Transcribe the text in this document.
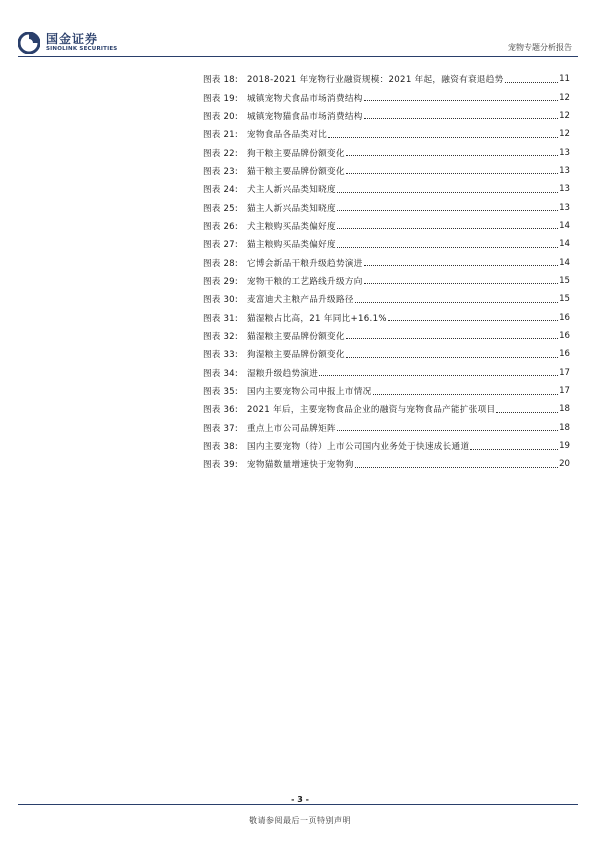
国金证券
SINOLINK SECURITIES	宠物专题分析报告
图表 18:	2018-2021 年宠物行业融资规模：2021 年起，融资有衰退趋势	11
图表 19:	城镇宠物犬食品市场消费结构	12
图表 20:	城镇宠物猫食品市场消费结构	12
图表 21:	宠物食品各品类对比	12
图表 22:	狗干粮主要品牌份额变化	13
图表 23:	猫干粮主要品牌份额变化	13
图表 24:	犬主人新兴品类知晓度	13
图表 25:	猫主人新兴品类知晓度	13
图表 26:	犬主粮购买品类偏好度	14
图表 27:	猫主粮购买品类偏好度	14
图表 28:	它博会新品干粮升级趋势演进	14
图表 29:	宠物干粮的工艺路线升级方向	15
图表 30:	麦富迪犬主粮产品升级路径	15
图表 31:	猫湿粮占比高，21 年同比+16.1%	16
图表 32:	猫湿粮主要品牌份额变化	16
图表 33:	狗湿粮主要品牌份额变化	16
图表 34:	湿粮升级趋势演进	17
图表 35:	国内主要宠物公司申报上市情况	17
图表 36:	2021 年后，主要宠物食品企业的融资与宠物食品产能扩张项目	18
图表 37:	重点上市公司品牌矩阵	18
图表 38:	国内主要宠物（待）上市公司国内业务处于快速成长通道	19
图表 39:	宠物猫数量增速快于宠物狗	20
- 3 -
敬请参阅最后一页特别声明
